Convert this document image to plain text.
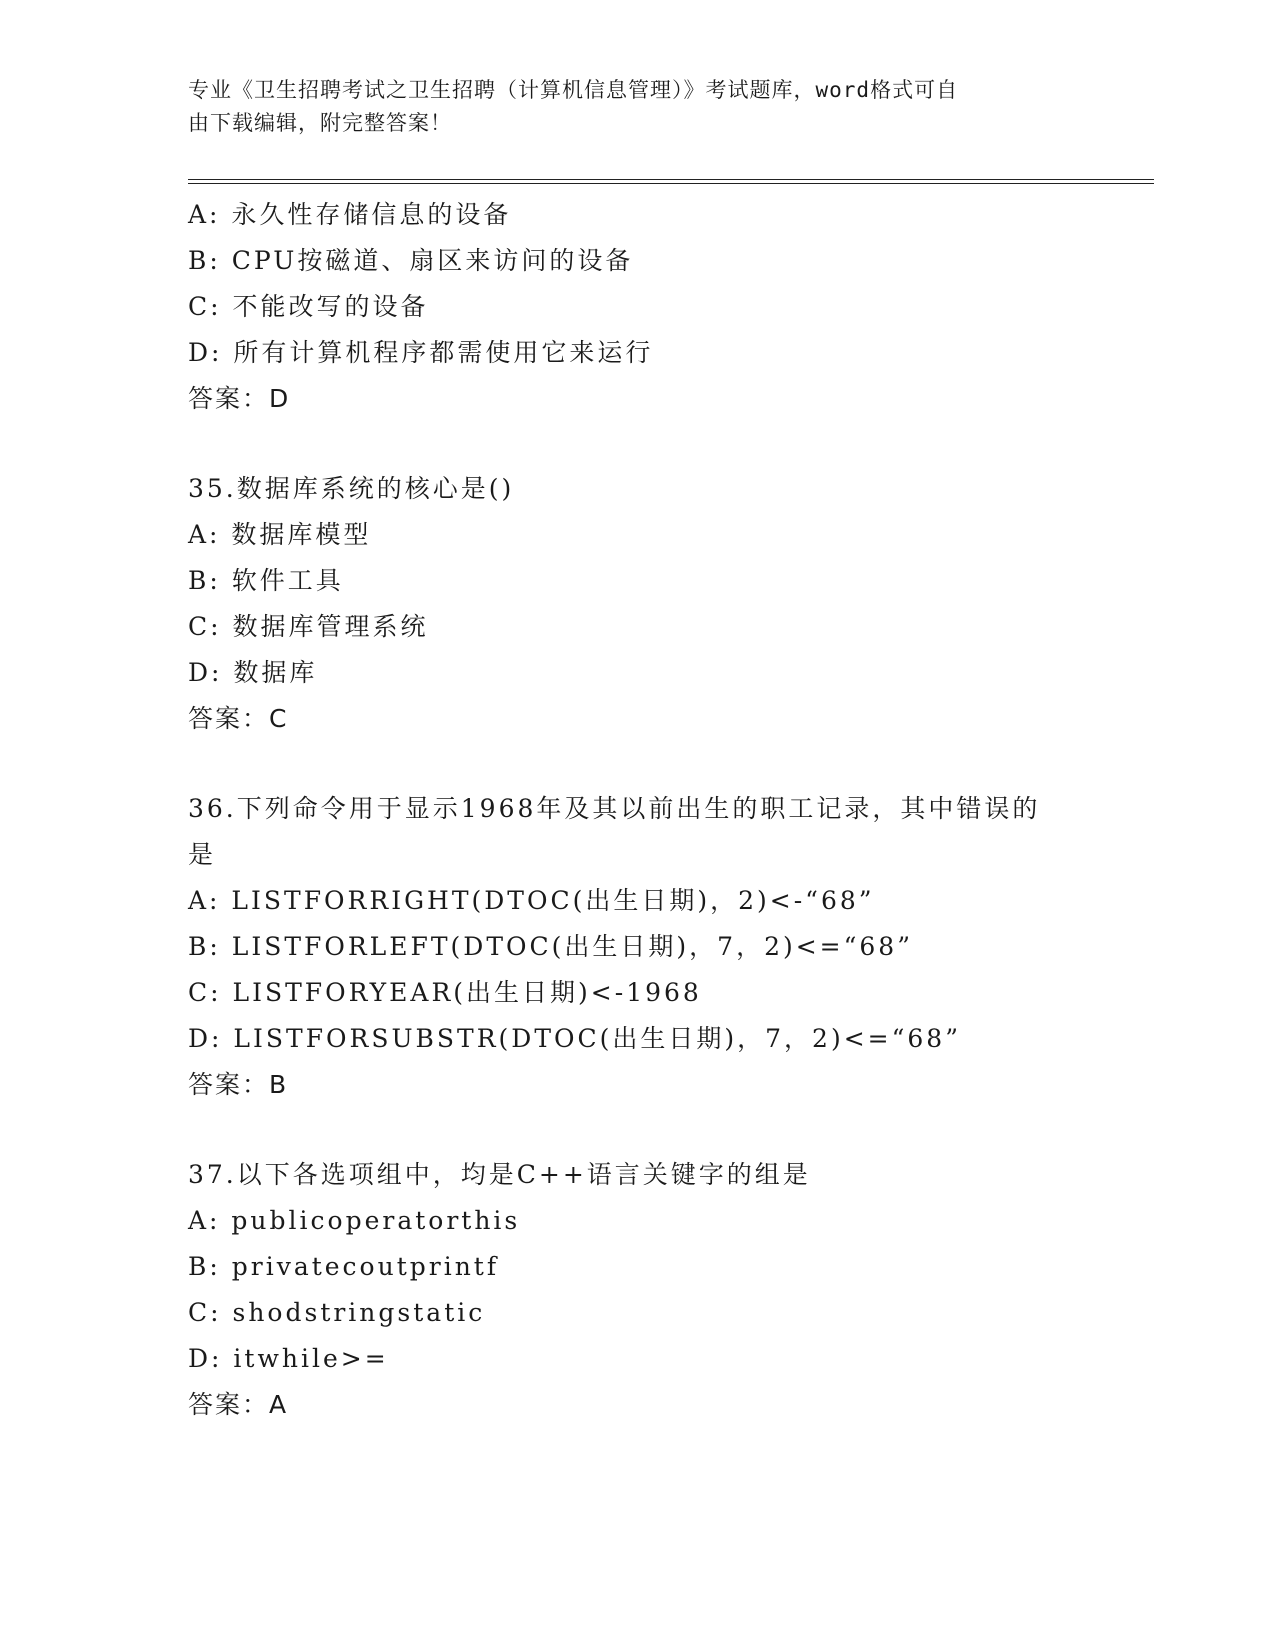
专业《卫生招聘考试之卫生招聘（计算机信息管理）》考试题库，word格式可自
由下载编辑，附完整答案！
A: 永久性存储信息的设备
B: CPU按磁道、扇区来访问的设备
C: 不能改写的设备
D: 所有计算机程序都需使用它来运行
答案：D
35.数据库系统的核心是()
A: 数据库模型
B: 软件工具
C: 数据库管理系统
D: 数据库
答案：C
36.下列命令用于显示1968年及其以前出生的职工记录，其中错误的
是
A: LISTFORRIGHT(DTOC(出生日期)，2)<-“68”
B: LISTFORLEFT(DTOC(出生日期)，7，2)<=“68”
C: LISTFORYEAR(出生日期)<-1968
D: LISTFORSUBSTR(DTOC(出生日期)，7，2)<=“68”
答案：B
37.以下各选项组中，均是C++语言关键字的组是
A: publicoperatorthis
B: privatecoutprintf
C: shodstringstatic
D: itwhile>=
答案：A
